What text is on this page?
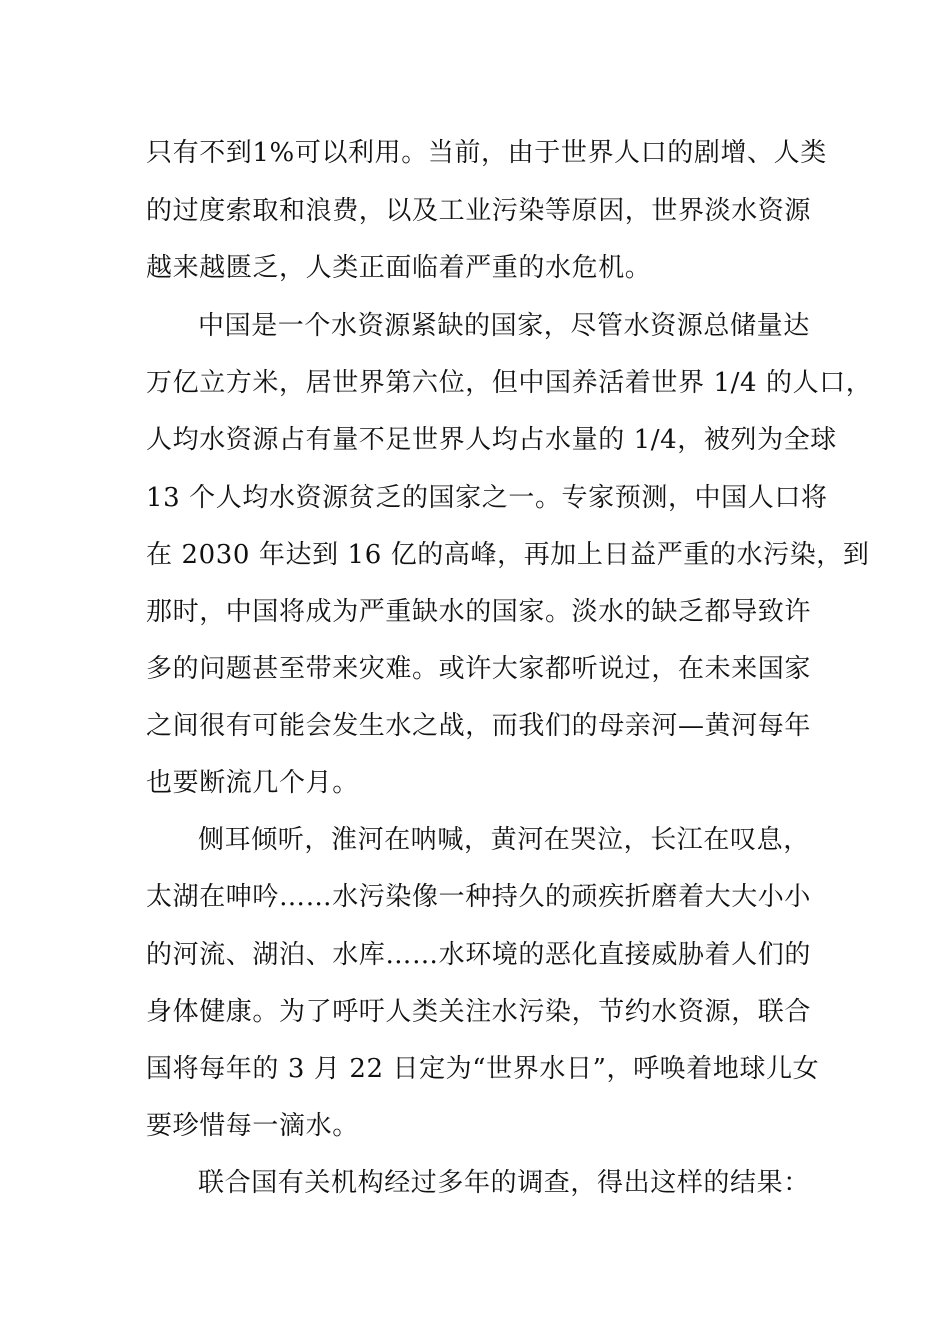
只有不到1%可以利用。当前，由于世界人口的剧增、人类
的过度索取和浪费，以及工业污染等原因，世界淡水资源
越来越匮乏，人类正面临着严重的水危机。
中国是一个水资源紧缺的国家，尽管水资源总储量达
万亿立方米，居世界第六位，但中国养活着世界 1/4 的人口，
人均水资源占有量不足世界人均占水量的 1/4，被列为全球
13 个人均水资源贫乏的国家之一。专家预测，中国人口将
在 2030 年达到 16 亿的高峰，再加上日益严重的水污染，到
那时，中国将成为严重缺水的国家。淡水的缺乏都导致许
多的问题甚至带来灾难。或许大家都听说过，在未来国家
之间很有可能会发生水之战，而我们的母亲河—黄河每年
也要断流几个月。
侧耳倾听，淮河在呐喊，黄河在哭泣，长江在叹息，
太湖在呻吟……水污染像一种持久的顽疾折磨着大大小小
的河流、湖泊、水库……水环境的恶化直接威胁着人们的
身体健康。为了呼吁人类关注水污染，节约水资源，联合
国将每年的 3 月 22 日定为“世界水日”，呼唤着地球儿女
要珍惜每一滴水。
联合国有关机构经过多年的调查，得出这样的结果：
